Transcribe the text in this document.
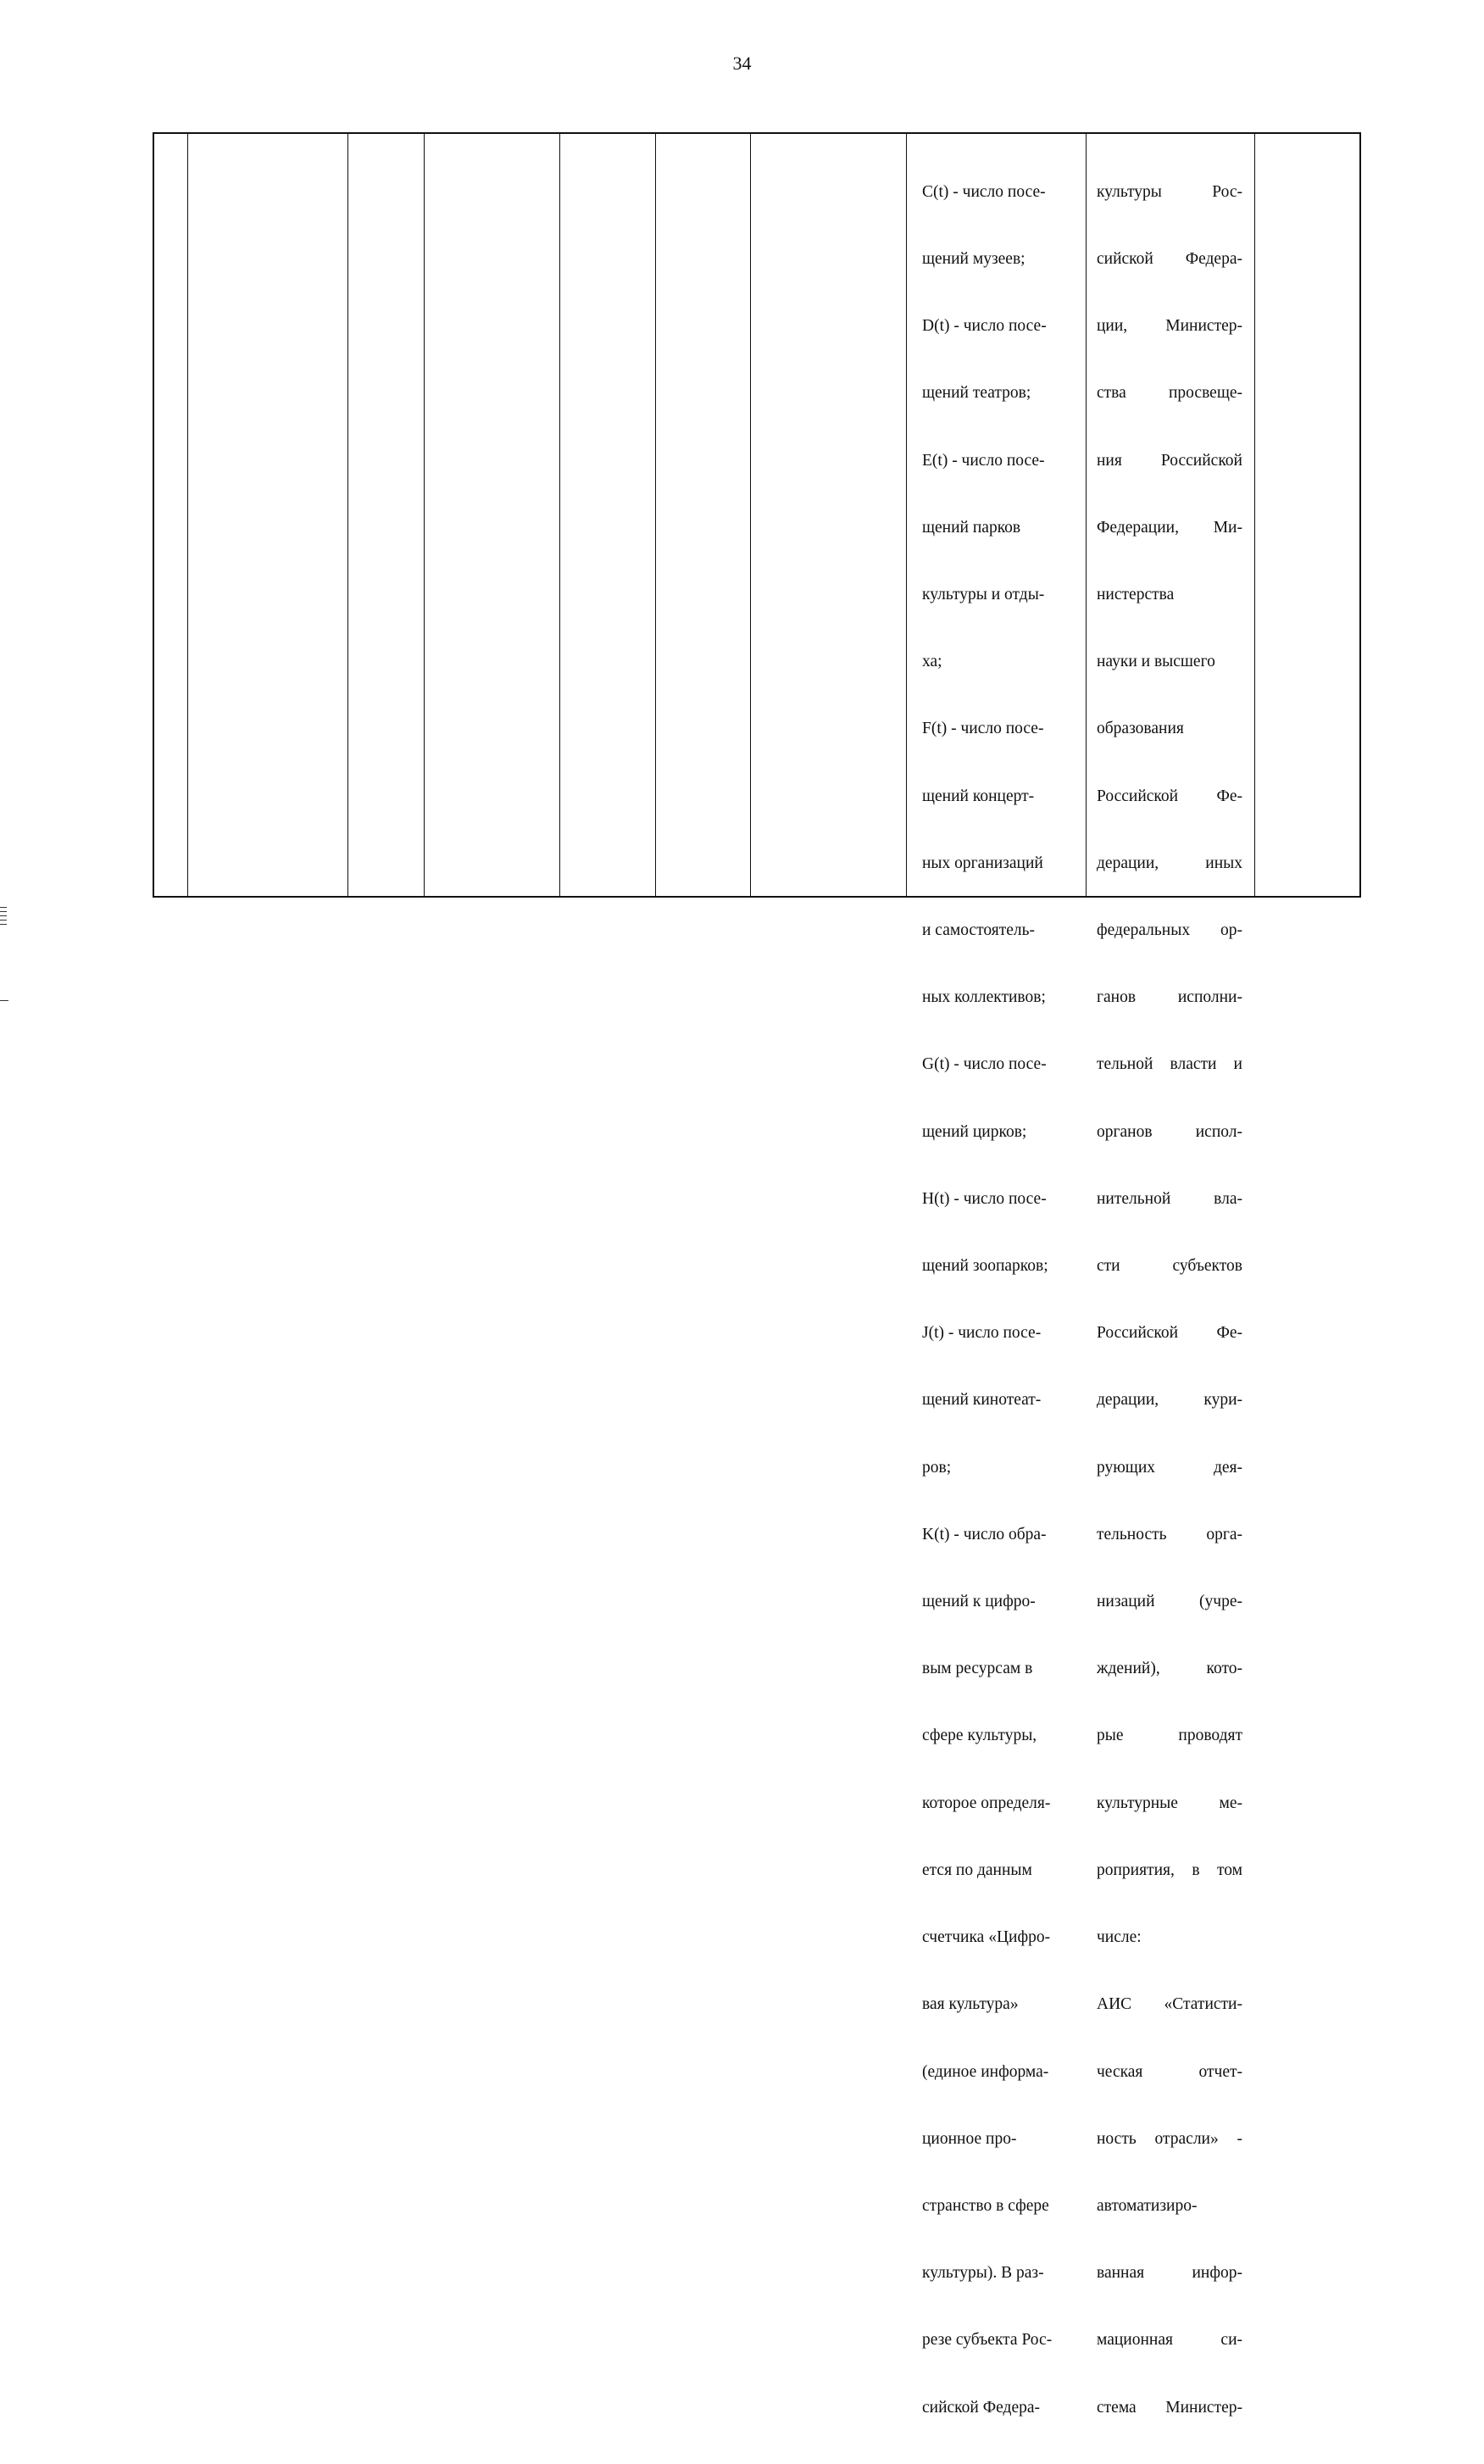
34

C(t) - число посе-

щений музеев;

D(t) - число посе-

щений театров;

E(t) - число посе-

щений парков

культуры и отды-

ха;

F(t) - число посе-

щений концерт-

ных организаций

и самостоятель-

ных коллективов;

G(t) - число посе-

щений цирков;

H(t) - число посе-

щений зоопарков;

J(t) - число посе-

щений кинотеат-

ров;

K(t) - число обра-

щений к цифро-

вым ресурсам в

сфере культуры,

которое определя-

ется по данным

счетчика «Цифро-

вая культура»

(единое информа-

ционное про-

странство в сфере

культуры). В раз-

резе субъекта Рос-

сийской Федера-

культуры Рос-

сийской Федера-

ции, Министер-

ства просвеще-

ния Российской

Федерации, Ми-

нистерства

науки и высшего

образования

Российской Фе-

дерации, иных

федеральных ор-

ганов исполни-

тельной власти и

органов испол-

нительной вла-

сти субъектов

Российской Фе-

дерации, кури-

рующих дея-

тельность орга-

низаций (учре-

ждений), кото-

рые проводят

культурные ме-

роприятия, в том

числе:

АИС «Статисти-

ческая отчет-

ность отрасли» -

автоматизиро-

ванная инфор-

мационная си-

стема Министер-
